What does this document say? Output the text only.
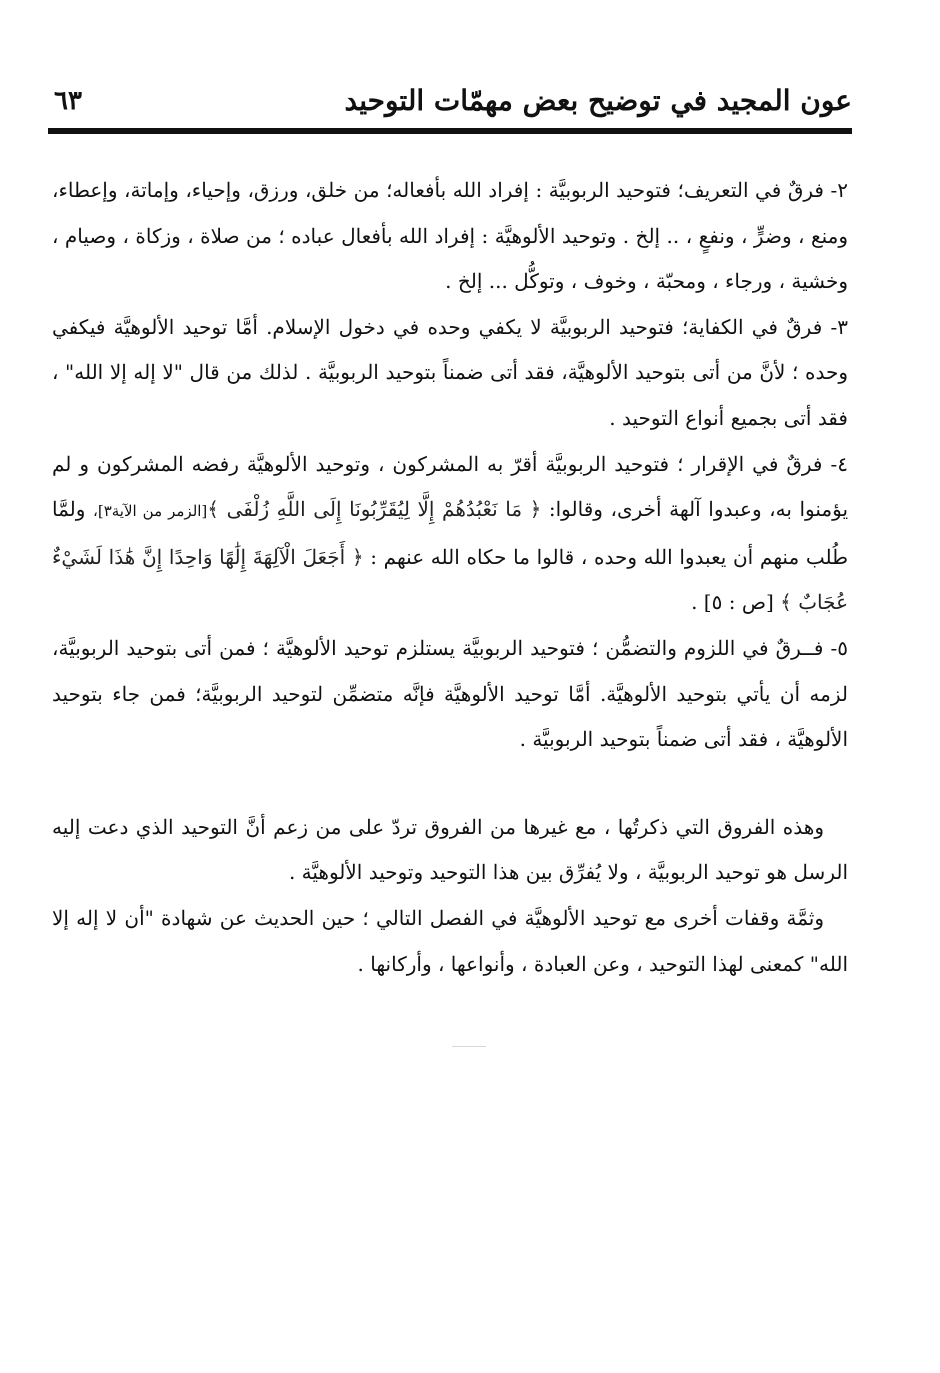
عون المجيد في توضيح بعض مهمّات التوحيد
٦٣

٢- فرقٌ في التعريف؛ فتوحيد الربوبيَّة : إفراد الله بأفعاله؛ من خلق، ورزق، وإحياء، وإماتة، وإعطاء، ومنع ، وضرٍّ ، ونفعٍ ، .. إلخ . وتوحيد الألوهيَّة : إفراد الله بأفعال عباده ؛ من صلاة ، وزكاة ، وصيام ، وخشية ، ورجاء ، ومحبّة ، وخوف ، وتوكُّل ... إلخ .

٣- فرقٌ في الكفاية؛ فتوحيد الربوبيَّة لا يكفي وحده في دخول الإسلام. أمَّا توحيد الألوهيَّة فيكفي وحده ؛ لأنَّ من أتى بتوحيد الألوهيَّة، فقد أتى ضمناً بتوحيد الربوبيَّة . لذلك من قال "لا إله إلا الله" ، فقد أتى بجميع أنواع التوحيد .

٤- فرقٌ في الإقرار ؛ فتوحيد الربوبيَّة أقرّ به المشركون ، وتوحيد الألوهيَّة رفضه المشركون و لم يؤمنوا به، وعبدوا آلهة أخرى، وقالوا: ﴿ مَا نَعْبُدُهُمْ إِلَّا لِيُقَرِّبُونَا إِلَى اللَّهِ زُلْفَى ﴾[الزمر من الآية٣]، ولمَّا طُلب منهم أن يعبدوا الله وحده ، قالوا ما حكاه الله عنهم : ﴿ أَجَعَلَ الْآلِهَةَ إِلَٰهًا وَاحِدًا إِنَّ هَٰذَا لَشَيْءٌ عُجَابٌ ﴾ [ص : ٥] .

٥- فــرقٌ في اللزوم والتضمُّن ؛ فتوحيد الربوبيَّة يستلزم توحيد الألوهيَّة ؛ فمن أتى بتوحيد الربوبيَّة، لزمه أن يأتي بتوحيد الألوهيَّة. أمَّا توحيد الألوهيَّة فإنَّه متضمِّن لتوحيد الربوبيَّة؛ فمن جاء بتوحيد الألوهيَّة ، فقد أتى ضمناً بتوحيد الربوبيَّة .

وهذه الفروق التي ذكرتُها ، مع غيرها من الفروق تردّ على من زعم أنَّ التوحيد الذي دعت إليه الرسل هو توحيد الربوبيَّة ، ولا يُفرِّق بين هذا التوحيد وتوحيد الألوهيَّة .

وثمَّة وقفات أخرى مع توحيد الألوهيَّة في الفصل التالي ؛ حين الحديث عن شهادة "أن لا إله إلا الله" كمعنى لهذا التوحيد ، وعن العبادة ، وأنواعها ، وأركانها .
